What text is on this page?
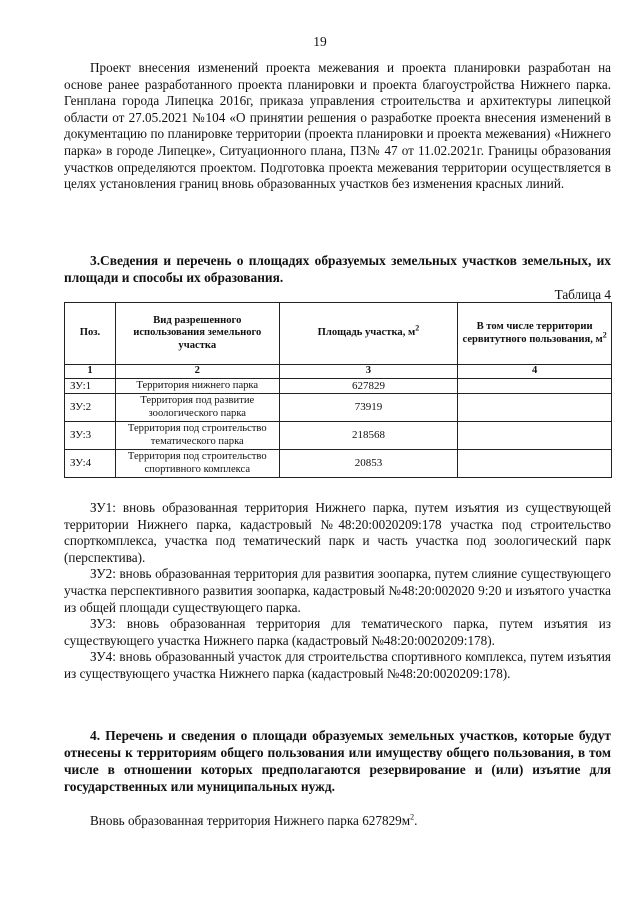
19

Проект внесения изменений проекта межевания и проекта планировки разработан на основе ранее разработанного проекта планировки и проекта благоустройства Нижнего парка. Генплана города Липецка 2016г, приказа управления строительства и архитектуры липецкой области от 27.05.2021 №104 «О принятии решения о разработке проекта внесения изменений в документацию по планировке территории (проекта планировки и проекта межевания) «Нижнего парка» в городе Липецке», Ситуационного плана, ПЗ№ 47 от 11.02.2021г. Границы образования участков определяются проектом. Подготовка проекта межевания территории осуществляется в целях установления границ вновь образованных участков без изменения красных линий.

3.Сведения и перечень о площадях образуемых земельных участков земельных, их площади и способы их образования.
Таблица 4
Поз.	Вид разрешенного использования земельного участка	Площадь участка, $м^2$	В том числе территории сервитутного пользования, $м^2$
1	2	3	4
ЗУ:1	Территория нижнего парка	627829	
ЗУ:2	Территория под развитие зоологического парка	73919	
ЗУ:3	Территория под строительство тематического парка	218568	
ЗУ:4	Территория под строительство спортивного комплекса	20853	

ЗУ1: вновь образованная территория Нижнего парка, путем изъятия из существующей территории Нижнего парка, кадастровый №48:20:0020209:178 участка под строительство спорткомплекса, участка под тематический парк и часть участка под зоологический парк (перспектива).

ЗУ2: вновь образованная территория для развития зоопарка, путем слияние существующего участка перспективного развития зоопарка, кадастровый №48:20:002020 9:20 и изъятого участка из общей площади существующего парка.

ЗУ3: вновь образованная территория для тематического парка, путем изъятия из существующего участка Нижнего парка (кадастровый №48:20:0020209:178).

ЗУ4: вновь образованный участок для строительства спортивного комплекса, путем изъятия из существующего участка Нижнего парка (кадастровый №48:20:0020209:178).

4. Перечень и сведения о площади образуемых земельных участков, которые будут отнесены к территориям общего пользования или имуществу общего пользования, в том числе в отношении которых предполагаются резервирование и (или) изъятие для государственных или муниципальных нужд.
Вновь образованная территория Нижнего парка $627829м^2$.
